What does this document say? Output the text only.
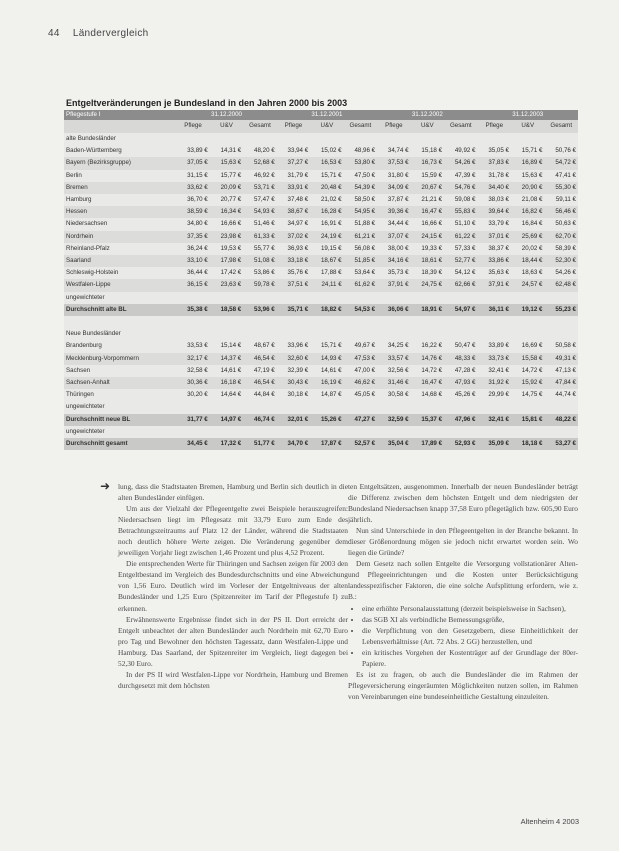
44 Ländervergleich
Entgeltveränderungen je Bundesland in den Jahren 2000 bis 2003
Pflegestufe I	31.12.2000			31.12.2001			31.12.2002			31.12.2003		
	Pflege	U&V	Gesamt	Pflege	U&V	Gesamt	Pflege	U&V	Gesamt	Pflege	U&V	Gesamt
alte Bundesländer												
Baden-Württemberg	33,89 €	14,31 €	48,20 €	33,94 €	15,02 €	48,96 €	34,74 €	15,18 €	49,92 €	35,05 €	15,71 €	50,76 €
Bayern (Bezirksgruppe)	37,05 €	15,63 €	52,68 €	37,27 €	16,53 €	53,80 €	37,53 €	16,73 €	54,26 €	37,83 €	16,89 €	54,72 €
Berlin	31,15 €	15,77 €	46,92 €	31,79 €	15,71 €	47,50 €	31,80 €	15,59 €	47,39 €	31,78 €	15,63 €	47,41 €
Bremen	33,62 €	20,09 €	53,71 €	33,91 €	20,48 €	54,39 €	34,09 €	20,67 €	54,76 €	34,40 €	20,90 €	55,30 €
Hamburg	36,70 €	20,77 €	57,47 €	37,48 €	21,02 €	58,50 €	37,87 €	21,21 €	59,08 €	38,03 €	21,08 €	59,11 €
Hessen	38,59 €	16,34 €	54,93 €	38,67 €	16,28 €	54,95 €	39,36 €	16,47 €	55,83 €	39,64 €	16,82 €	56,46 €
Niedersachsen	34,80 €	16,66 €	51,46 €	34,97 €	16,91 €	51,88 €	34,44 €	16,66 €	51,10 €	33,79 €	16,84 €	50,63 €
Nordrhein	37,35 €	23,98 €	61,33 €	37,02 €	24,19 €	61,21 €	37,07 €	24,15 €	61,22 €	37,01 €	25,69 €	62,70 €
Rheinland-Pfalz	36,24 €	19,53 €	55,77 €	36,93 €	19,15 €	56,08 €	38,00 €	19,33 €	57,33 €	38,37 €	20,02 €	58,39 €
Saarland	33,10 €	17,98 €	51,08 €	33,18 €	18,67 €	51,85 €	34,16 €	18,61 €	52,77 €	33,86 €	18,44 €	52,30 €
Schleswig-Holstein	36,44 €	17,42 €	53,86 €	35,76 €	17,88 €	53,64 €	35,73 €	18,39 €	54,12 €	35,63 €	18,63 €	54,26 €
Westfalen-Lippe	36,15 €	23,63 €	59,78 €	37,51 €	24,11 €	61,62 €	37,91 €	24,75 €	62,66 €	37,91 €	24,57 €	62,48 €
ungewichteter												
Durchschnitt alte BL	35,38 €	18,58 €	53,96 €	35,71 €	18,82 €	54,53 €	36,06 €	18,91 €	54,97 €	36,11 €	19,12 €	55,23 €

Neue Bundesländer												
Brandenburg	33,53 €	15,14 €	48,67 €	33,96 €	15,71 €	49,67 €	34,25 €	16,22 €	50,47 €	33,89 €	16,69 €	50,58 €
Mecklenburg-Vorpommern	32,17 €	14,37 €	46,54 €	32,60 €	14,93 €	47,53 €	33,57 €	14,76 €	48,33 €	33,73 €	15,58 €	49,31 €
Sachsen	32,58 €	14,61 €	47,19 €	32,39 €	14,61 €	47,00 €	32,56 €	14,72 €	47,28 €	32,41 €	14,72 €	47,13 €
Sachsen-Anhalt	30,36 €	16,18 €	46,54 €	30,43 €	16,19 €	46,62 €	31,46 €	16,47 €	47,93 €	31,92 €	15,92 €	47,84 €
Thüringen	30,20 €	14,64 €	44,84 €	30,18 €	14,87 €	45,05 €	30,58 €	14,68 €	45,26 €	29,99 €	14,75 €	44,74 €
ungewichteter												
Durchschnitt neue BL	31,77 €	14,97 €	46,74 €	32,01 €	15,26 €	47,27 €	32,59 €	15,37 €	47,96 €	32,41 €	15,81 €	48,22 €
ungewichteter												
Durchschnitt gesamt	34,45 €	17,32 €	51,77 €	34,70 €	17,87 €	52,57 €	35,04 €	17,89 €	52,93 €	35,09 €	18,18 €	53,27 €
➜ lung, dass die Stadtstaaten Bremen, Hamburg und Berlin sich deutlich in die alten Bundesländer einfügen.

Um aus der Vielzahl der Pflegeentgelte zwei Beispiele herauszugreifen: Niedersachsen liegt im Pflegesatz mit 33,79 Euro zum Ende des Betrachtungszeitraums auf Platz 12 der Länder, während die Stadtstaaten noch deutlich höhere Werte zeigen. Die Veränderung gegenüber dem jeweiligen Vorjahr liegt zwischen 1,46 Prozent und plus 4,52 Prozent.

Die entsprechenden Werte für Thüringen und Sachsen zeigen für 2003 den Entgeltbestand im Vergleich des Bundesdurchschnitts und eine Abweichung von 1,56 Euro. Deutlich wird im Vorleser der Entgeltniveaus der alten Bundesländer und 1,25 Euro (Spitzenreiter im Tarif der Pflegestufe I) zu erkennen.

Erwähnenswerte Ergebnisse findet sich in der PS II. Dort erreicht der Entgelt unbeachtet der alten Bundesländer auch Nordrhein mit 62,70 Euro pro Tag und Bewohner den höchsten Tagessatz, dann Westfalen-Lippe und Hamburg. Das Saarland, der Spitzenreiter im Vergleich, liegt dagegen bei 52,30 Euro.

In der PS II wird Westfalen-Lippe vor Nordrhein, Hamburg und Bremen durchgesetzt mit dem höchsten

ten Entgeltsätzen, ausgenommen. Innerhalb der neuen Bundesländer beträgt die Differenz zwischen dem höchsten Entgelt und dem niedrigsten der Bundesland Niedersachsen knapp 37,58 Euro pflegetäglich bzw. 605,90 Euro jährlich.

Nun sind Unterschiede in den Pflegeentgelten in der Branche bekannt. In dieser Größenordnung mögen sie jedoch nicht erwartet worden sein. Wo liegen die Gründe?

Dem Gesetz nach sollen Entgelte die Versorgung vollstationärer Alten- und Pflegeeinrichtungen und die Kosten unter Berücksichtigung landesspezifischer Faktoren, die eine solche Aufsplittung erfordern, wie z. B.:

• eine erhöhte Personalausstattung (derzeit beispielsweise in Sachsen),
• das SGB XI als verbindliche Bemessungsgröße,
• die Verpflichtung von den Gesetzgebern, diese Einheitlichkeit der Lebensverhältnisse (Art. 72 Abs. 2 GG) herzustellen, und
• ein kritisches Vorgehen der Kostenträger auf der Grundlage der 80er-Papiere.

Es ist zu fragen, ob auch die Bundesländer die im Rahmen der Pflegeversicherung eingeräumten Möglichkeiten nutzen sollen, im Rahmen von Vereinbarungen eine bundeseinheitliche Gestaltung einzuleiten.

Altenheim 4 2003
